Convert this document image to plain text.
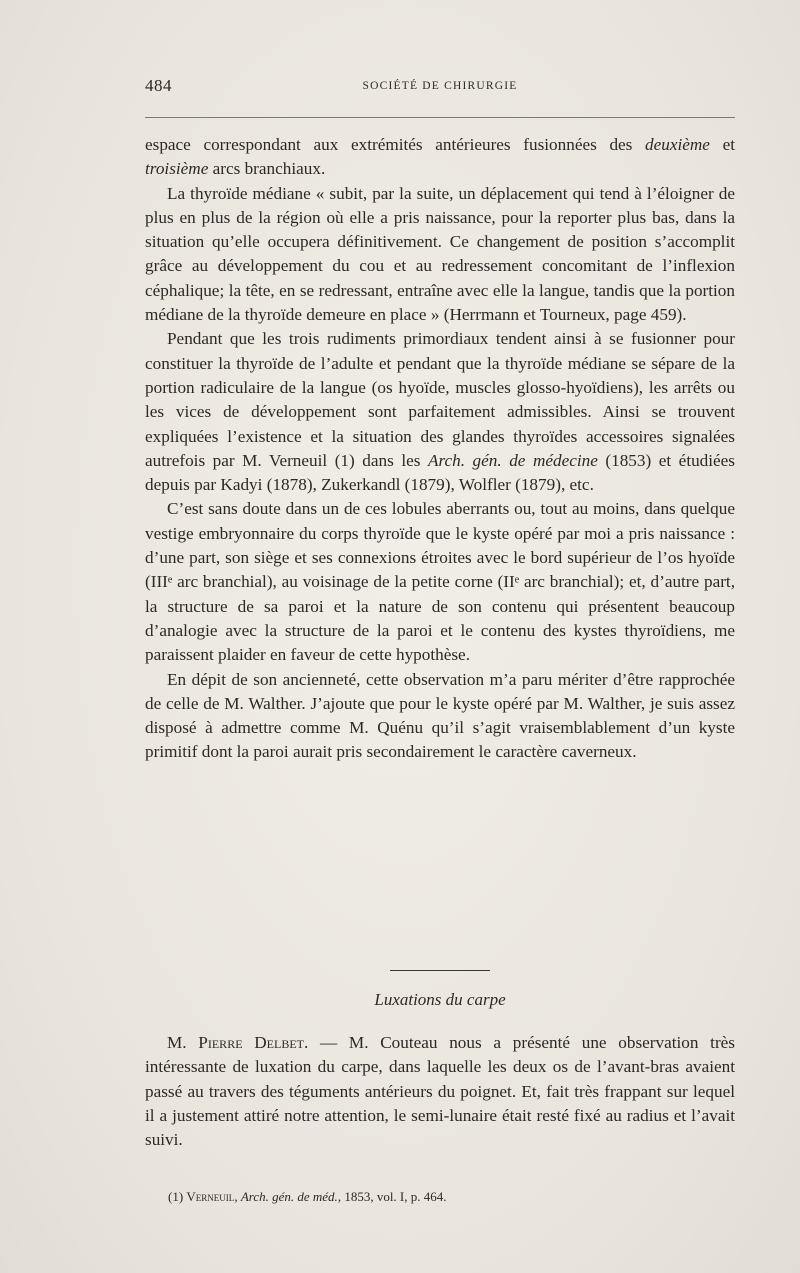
484	SOCIÉTÉ DE CHIRURGIE

espace correspondant aux extrémités antérieures fusionnées des deuxième et troisième arcs branchiaux.

La thyroïde médiane « subit, par la suite, un déplacement qui tend à l’éloigner de plus en plus de la région où elle a pris naissance, pour la reporter plus bas, dans la situation qu’elle occupera définitivement. Ce changement de position s’accomplit grâce au développement du cou et au redressement concomitant de l’inflexion céphalique; la tête, en se redressant, entraîne avec elle la langue, tandis que la portion médiane de la thyroïde demeure en place » (Herrmann et Tourneux, page 459).

Pendant que les trois rudiments primordiaux tendent ainsi à se fusionner pour constituer la thyroïde de l’adulte et pendant que la thyroïde médiane se sépare de la portion radiculaire de la langue (os hyoïde, muscles glosso-hyoïdiens), les arrêts ou les vices de développement sont parfaitement admissibles. Ainsi se trouvent expliquées l’existence et la situation des glandes thyroïdes accessoires signalées autrefois par M. Verneuil (1) dans les Arch. gén. de médecine (1853) et étudiées depuis par Kadyi (1878), Zukerkandl (1879), Wolfler (1879), etc.

C’est sans doute dans un de ces lobules aberrants ou, tout au moins, dans quelque vestige embryonnaire du corps thyroïde que le kyste opéré par moi a pris naissance : d’une part, son siège et ses connexions étroites avec le bord supérieur de l’os hyoïde (IIIᵉ arc branchial), au voisinage de la petite corne (IIᵉ arc branchial); et, d’autre part, la structure de sa paroi et la nature de son contenu qui présentent beaucoup d’analogie avec la structure de la paroi et le contenu des kystes thyroïdiens, me paraissent plaider en faveur de cette hypothèse.

En dépit de son ancienneté, cette observation m’a paru mériter d’être rapprochée de celle de M. Walther. J’ajoute que pour le kyste opéré par M. Walther, je suis assez disposé à admettre comme M. Quénu qu’il s’agit vraisemblablement d’un kyste primitif dont la paroi aurait pris secondairement le caractère caverneux.

Luxations du carpe

M. Pierre Delbet. — M. Couteau nous a présenté une observation très intéressante de luxation du carpe, dans laquelle les deux os de l’avant-bras avaient passé au travers des téguments antérieurs du poignet. Et, fait très frappant sur lequel il a justement attiré notre attention, le semi-lunaire était resté fixé au radius et l’avait suivi.

(1) Verneuil, Arch. gén. de méd., 1853, vol. I, p. 464.
